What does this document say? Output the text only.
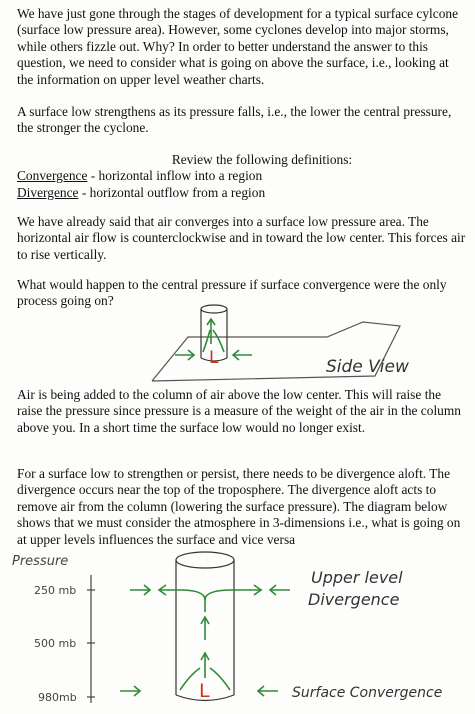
We have just gone through the stages of development for a typical surface cylcone (surface low pressure area). However, some cyclones develop into major storms, while others fizzle out. Why? In order to better understand the answer to this question, we need to consider what is going on above the surface, i.e., looking at the information on upper level weather charts.
A surface low strengthens as its pressure falls, i.e., the lower the central pressure, the stronger the cyclone.
Review the following definitions:
Convergence - horizontal inflow into a region
Divergence - horizontal outflow from a region
We have already said that air converges into a surface low pressure area. The horizontal air flow is counterclockwise and in toward the low center. This forces air to rise vertically.
What would happen to the central pressure if surface convergence were the only process going on?
L	Side View
Pressure
250 mb
500 mb
980mb	L
Upper level
Divergence
Surface Convergence
Air is being added to the column of air above the low center. This will raise the raise the pressure since pressure is a measure of the weight of the air in the column above you. In a short time the surface low would no longer exist.
For a surface low to strengthen or persist, there needs to be divergence aloft. The divergence occurs near the top of the troposphere. The divergence aloft acts to remove air from the column (lowering the surface pressure). The diagram below shows that we must consider the atmosphere in 3-dimensions i.e., what is going on at upper levels influences the surface and vice versa
